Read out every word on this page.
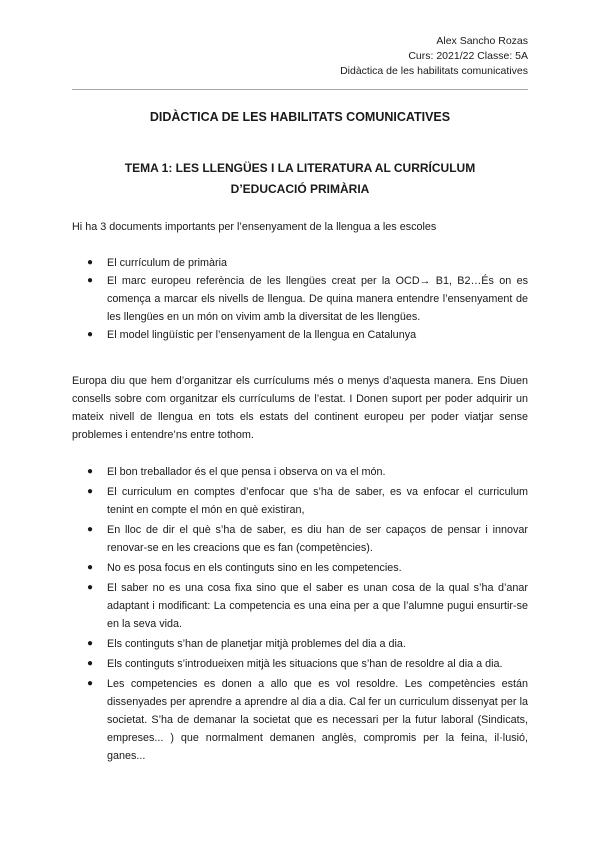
Alex Sancho Rozas
Curs: 2021/22 Classe: 5A
Didàctica de les habilitats comunicatives
DIDÀCTICA DE LES HABILITATS COMUNICATIVES
TEMA 1: LES LLENGÜES I LA LITERATURA AL CURRÍCULUM D’EDUCACIÓ PRIMÀRIA
Hi ha 3 documents importants per l’ensenyament de la llengua a les escoles
● El currículum de primària
● El marc europeu referència de les llengües creat per la OCD→ B1, B2…És on es comença a marcar els nivells de llengua. De quina manera entendre l’ensenyament de les llengües en un món on vivim amb la diversitat de les llengües.
● El model lingüístic per l’ensenyament de la llengua en Catalunya
Europa diu que hem d’organitzar els currículums més o menys d’aquesta manera. Ens Diuen consells sobre com organitzar els currículums de l’estat. I Donen suport per poder adquirir un mateix nivell de llengua en tots els estats del continent europeu per poder viatjar sense problemes i entendre’ns entre tothom.
● El bon treballador és el que pensa i observa on va el món.
● El curriculum en comptes d’enfocar que s’ha de saber, es va enfocar el curriculum tenint en compte el món en què existiran,
● En lloc de dir el què s’ha de saber, es diu han de ser capaços de pensar i innovar renovar-se en les creacions que es fan (competències).
● No es posa focus en els continguts sino en les competencies.
● El saber no es una cosa fixa sino que el saber es unan cosa de la qual s’ha d’anar adaptant i modificant: La competencia es una eina per a que l’alumne pugui ensurtir-se en la seva vida.
● Els continguts s’han de planetjar mitjà problemes del dia a dia.
● Els continguts s’introdueixen mitjà les situacions que s’han de resoldre al dia a dia.
● Les competencies es donen a allo que es vol resoldre. Les competències están dissenyades per aprendre a aprendre al dia a dia. Cal fer un curriculum dissenyat per la societat. S’ha de demanar la societat que es necessari per la futur laboral (Sindicats, empreses... ) que normalment demanen anglès, compromis per la feina, il·lusió, ganes...
